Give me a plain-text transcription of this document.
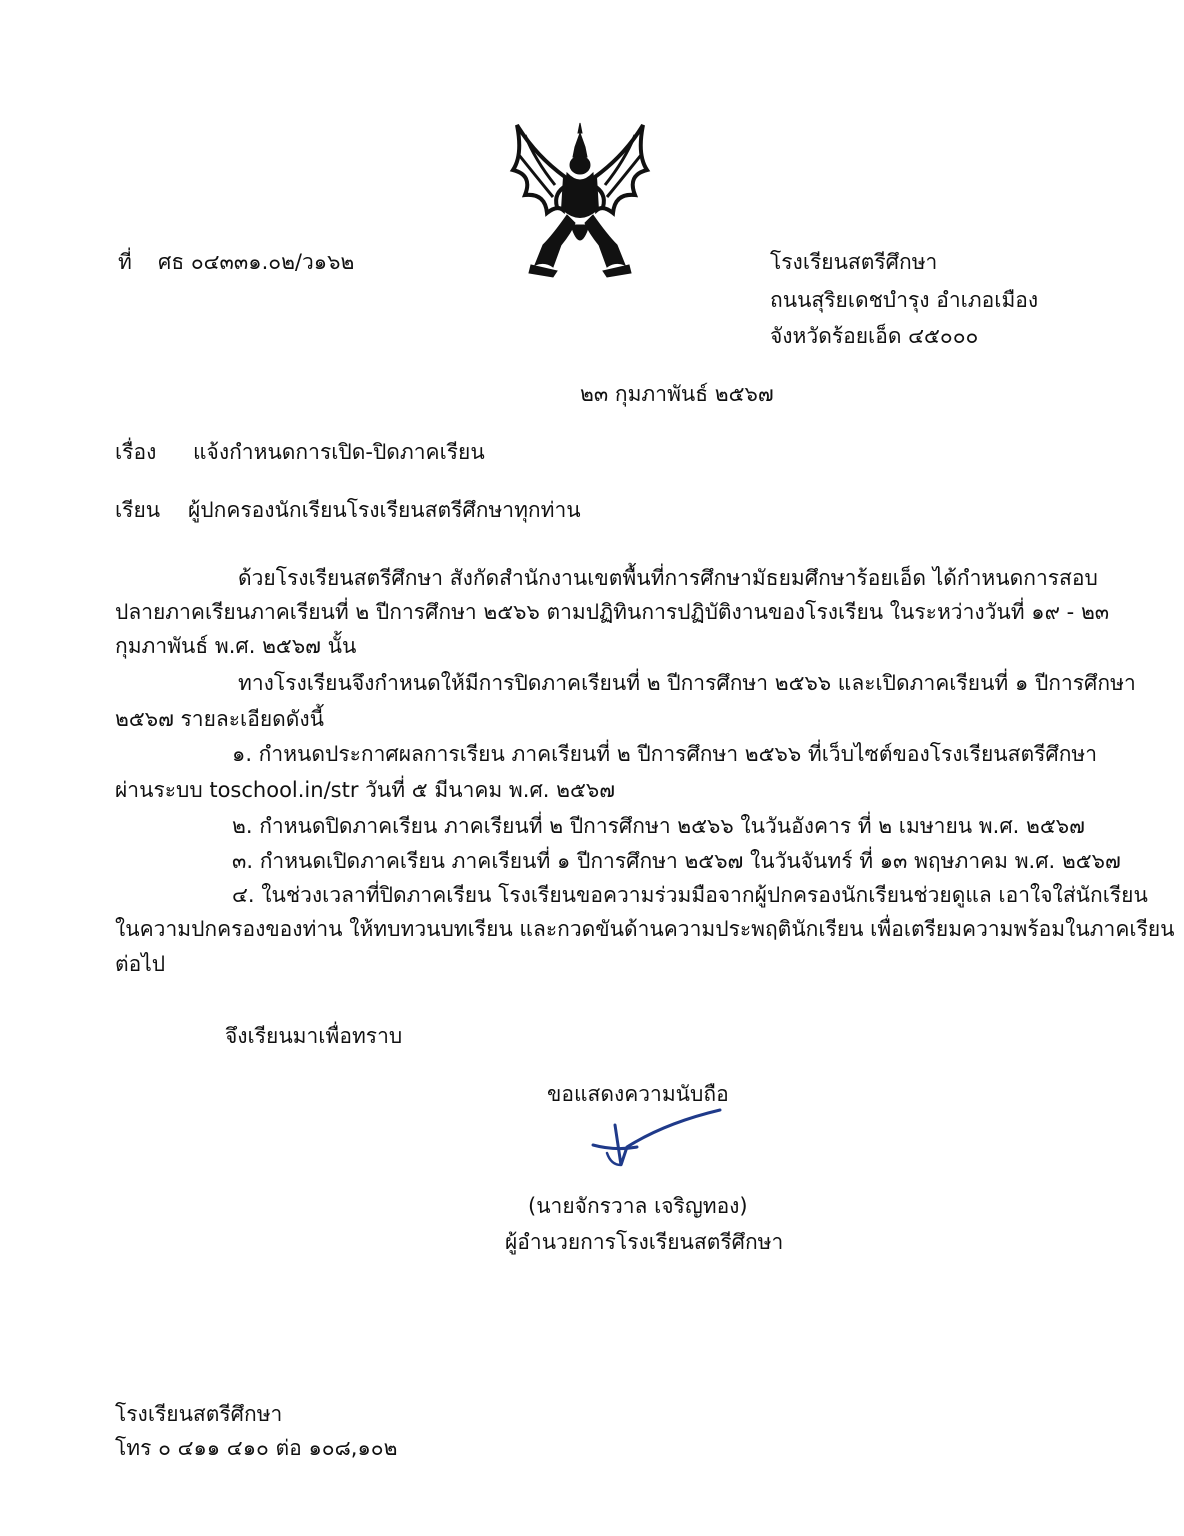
ที่ ศธ ๐๔๓๓๑.๐๒/ว๑๖๒	โรงเรียนสตรีศึกษา
ถนนสุริยเดชบำรุง อำเภอเมือง
จังหวัดร้อยเอ็ด ๔๕๐๐๐
๒๓ กุมภาพันธ์ ๒๕๖๗
เรื่อง แจ้งกำหนดการเปิด-ปิดภาคเรียน
เรียน ผู้ปกครองนักเรียนโรงเรียนสตรีศึกษาทุกท่าน
ด้วยโรงเรียนสตรีศึกษา สังกัดสำนักงานเขตพื้นที่การศึกษามัธยมศึกษาร้อยเอ็ด ได้กำหนดการสอบ
ปลายภาคเรียนภาคเรียนที่ ๒ ปีการศึกษา ๒๕๖๖ ตามปฏิทินการปฏิบัติงานของโรงเรียน ในระหว่างวันที่ ๑๙ - ๒๓
กุมภาพันธ์ พ.ศ. ๒๕๖๗ นั้น
ทางโรงเรียนจึงกำหนดให้มีการปิดภาคเรียนที่ ๒ ปีการศึกษา ๒๕๖๖ และเปิดภาคเรียนที่ ๑ ปีการศึกษา
๒๕๖๗ รายละเอียดดังนี้
๑. กำหนดประกาศผลการเรียน ภาคเรียนที่ ๒ ปีการศึกษา ๒๕๖๖ ที่เว็บไซต์ของโรงเรียนสตรีศึกษา
ผ่านระบบ toschool.in/str วันที่ ๕ มีนาคม พ.ศ. ๒๕๖๗
๒. กำหนดปิดภาคเรียน ภาคเรียนที่ ๒ ปีการศึกษา ๒๕๖๖ ในวันอังคาร ที่ ๒ เมษายน พ.ศ. ๒๕๖๗
๓. กำหนดเปิดภาคเรียน ภาคเรียนที่ ๑ ปีการศึกษา ๒๕๖๗ ในวันจันทร์ ที่ ๑๓ พฤษภาคม พ.ศ. ๒๕๖๗
๔. ในช่วงเวลาที่ปิดภาคเรียน โรงเรียนขอความร่วมมือจากผู้ปกครองนักเรียนช่วยดูแล เอาใจใส่นักเรียน
ในความปกครองของท่าน ให้ทบทวนบทเรียน และกวดขันด้านความประพฤตินักเรียน เพื่อเตรียมความพร้อมในภาคเรียน
ต่อไป
จึงเรียนมาเพื่อทราบ
ขอแสดงความนับถือ
(นายจักรวาล เจริญทอง)
ผู้อำนวยการโรงเรียนสตรีศึกษา
โรงเรียนสตรีศึกษา
โทร ๐ ๔๑๑ ๔๑๐ ต่อ ๑๐๘,๑๐๒
